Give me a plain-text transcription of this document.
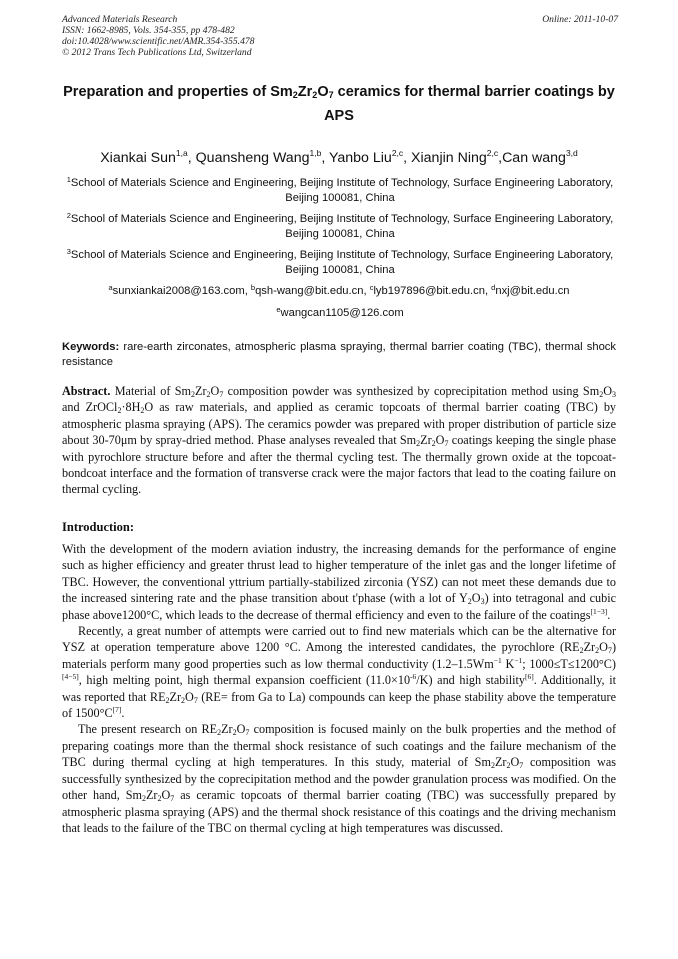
Advanced Materials Research
ISSN: 1662-8985, Vols. 354-355, pp 478-482
doi:10.4028/www.scientific.net/AMR.354-355.478
© 2012 Trans Tech Publications Ltd, Switzerland
Online: 2011-10-07
Preparation and properties of $Sm_2Zr_2O_7$ ceramics for thermal barrier coatings by APS
Xiankai Sun$^{1,a}$, Quansheng Wang$^{1,b}$, Yanbo Liu$^{2,c}$, Xianjin Ning$^{2,c}$,Can wang$^{3,d}$
$^1$School of Materials Science and Engineering, Beijing Institute of Technology, Surface Engineering Laboratory, Beijing 100081, China
$^2$School of Materials Science and Engineering, Beijing Institute of Technology, Surface Engineering Laboratory, Beijing 100081, China
$^3$School of Materials Science and Engineering, Beijing Institute of Technology, Surface Engineering Laboratory, Beijing 100081, China
$^a$sunxiankai2008@163.com, $^b$qsh-wang@bit.edu.cn, $^c$lyb197896@bit.edu.cn, $^d$nxj@bit.edu.cn
$^e$wangcan1105@126.com
Keywords: rare-earth zirconates, atmospheric plasma spraying, thermal barrier coating (TBC), thermal shock resistance
Abstract. Material of $Sm_2Zr_2O_7$ composition powder was synthesized by coprecipitation method using $Sm_2O_3$ and $ZrOCl_2\cdot 8H_2O$ as raw materials, and applied as ceramic topcoats of thermal barrier coating (TBC) by atmospheric plasma spraying (APS). The ceramics powder was prepared with proper distribution of particle size about 30-70μm by spray-dried method. Phase analyses revealed that $Sm_2Zr_2O_7$ coatings keeping the single phase with pyrochlore structure before and after the thermal cycling test. The thermally grown oxide at the topcoat-bondcoat interface and the formation of transverse crack were the major factors that lead to the coating failure on thermal cycling.
Introduction:

With the development of the modern aviation industry, the increasing demands for the performance of engine such as higher efficiency and greater thrust lead to higher temperature of the inlet gas and the longer lifetime of TBC. However, the conventional yttrium partially-stabilized zirconia (YSZ) can not meet these demands due to the increased sintering rate and the phase transition about t'phase (with a lot of $Y_2O_3$) into tetragonal and cubic phase above1200°C, which leads to the decrease of thermal efficiency and even to the failure of the coatings[1−3].

Recently, a great number of attempts were carried out to find new materials which can be the alternative for YSZ at operation temperature above 1200 °C. Among the interested candidates, the pyrochlore $(RE_2Zr_2O_7)$ materials perform many good properties such as low thermal conductivity ($1.2-1.5Wm^{-1}$ $K^{-1}$; 1000≤T≤1200°C)[4−5], high melting point, high thermal expansion coefficient $(11.0\times 10^{-6}/K)$ and high stability[6]. Additionally, it was reported that $RE_2Zr_2O_7$ (RE= from Ga to La) compounds can keep the phase stability above the temperature of 1500°C[7].

The present research on $RE_2Zr_2O_7$ composition is focused mainly on the bulk properties and the method of preparing coatings more than the thermal shock resistance of such coatings and the failure mechanism of the TBC during thermal cycling at high temperatures. In this study, material of $Sm_2Zr_2O_7$ composition was successfully synthesized by the coprecipitation method and the powder granulation process was modified. On the other hand, $Sm_2Zr_2O_7$ as ceramic topcoats of thermal barrier coating (TBC) was successfully prepared by atmospheric plasma spraying (APS) and the thermal shock resistance of this coatings and the driving mechanism that leads to the failure of the TBC on thermal cycling at high temperatures was discussed.
